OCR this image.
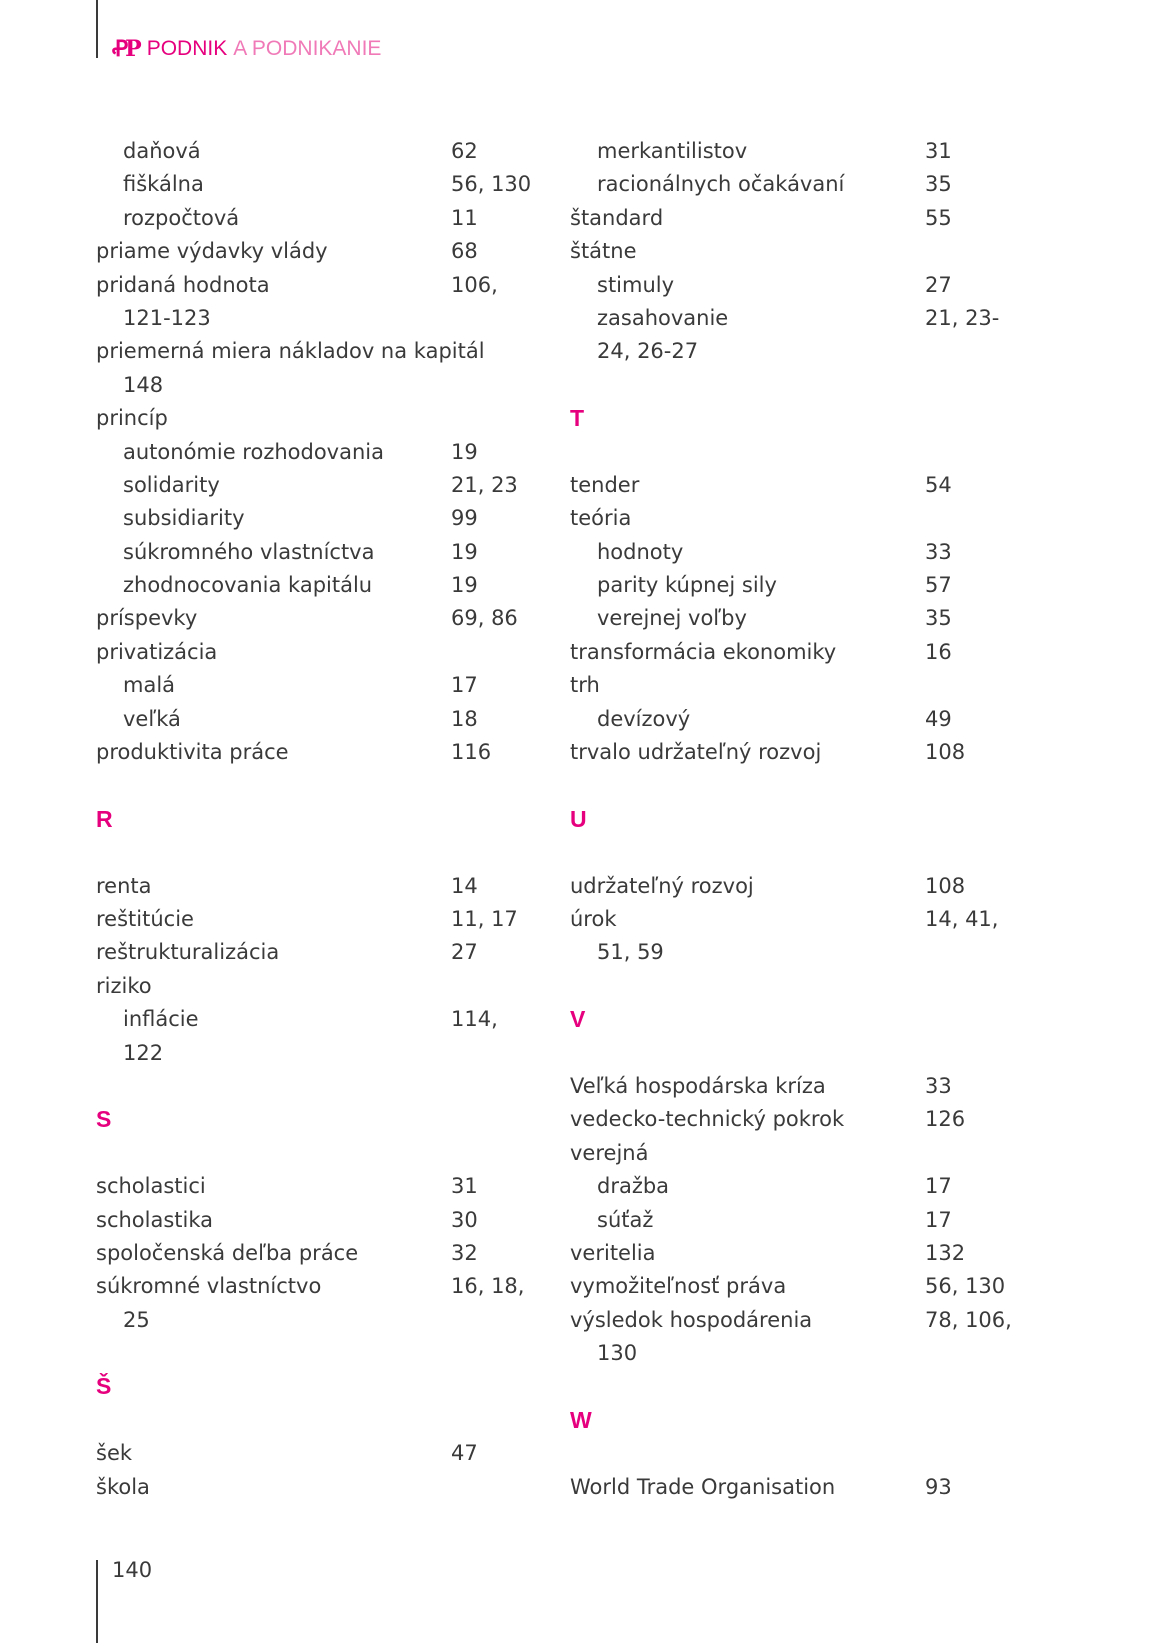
ꝒP PODNIK A PODNIKANIE
daňová	62
fiškálna	56, 130
rozpočtová	11
priame výdavky vlády	68
pridaná hodnota	106,
121-123
priemerná miera nákladov na kapitál
148
princíp
autonómie rozhodovania	19
solidarity	21, 23
subsidiarity	99
súkromného vlastníctva	19
zhodnocovania kapitálu	19
príspevky	69, 86
privatizácia
malá	17
veľká	18
produktivita práce	116
R
renta	14
reštitúcie	11, 17
reštrukturalizácia	27
riziko
inflácie	114,
122
S
scholastici	31
scholastika	30
spoločenská deľba práce	32
súkromné vlastníctvo	16, 18,
25
Š
šek	47
škola
merkantilistov	31
racionálnych očakávaní	35
štandard	55
štátne
stimuly	27
zasahovanie	21, 23-
24, 26-27
T
tender	54
teória
hodnoty	33
parity kúpnej sily	57
verejnej voľby	35
transformácia ekonomiky	16
trh
devízový	49
trvalo udržateľný rozvoj	108
U
udržateľný rozvoj	108
úrok	14, 41,
51, 59
V
Veľká hospodárska kríza	33
vedecko-technický pokrok	126
verejná
dražba	17
súťaž	17
veritelia	132
vymožiteľnosť práva	56, 130
výsledok hospodárenia	78, 106,
130
W
World Trade Organisation	93
140
